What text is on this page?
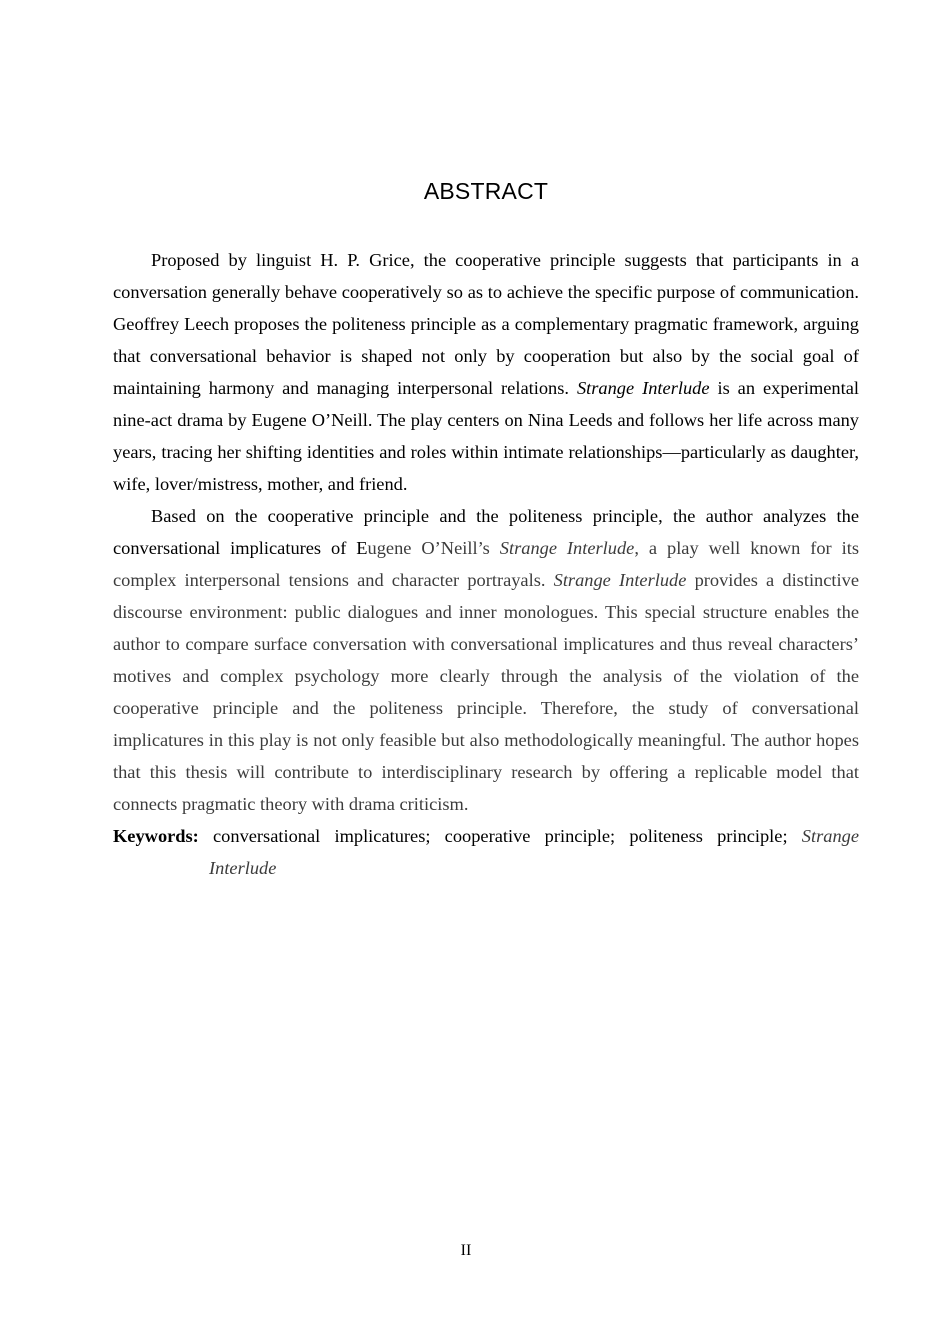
ABSTRACT

Proposed by linguist H. P. Grice, the cooperative principle suggests that participants in a conversation generally behave cooperatively so as to achieve the specific purpose of communication. Geoffrey Leech proposes the politeness principle as a complementary pragmatic framework, arguing that conversational behavior is shaped not only by cooperation but also by the social goal of maintaining harmony and managing interpersonal relations. Strange Interlude is an experimental nine-act drama by Eugene O’Neill. The play centers on Nina Leeds and follows her life across many years, tracing her shifting identities and roles within intimate relationships—particularly as daughter, wife, lover/mistress, mother, and friend.

Based on the cooperative principle and the politeness principle, the author analyzes the conversational implicatures of Eugene O’Neill’s Strange Interlude, a play well known for its complex interpersonal tensions and character portrayals. Strange Interlude provides a distinctive discourse environment: public dialogues and inner monologues. This special structure enables the author to compare surface conversation with conversational implicatures and thus reveal characters’ motives and complex psychology more clearly through the analysis of the violation of the cooperative principle and the politeness principle. Therefore, the study of conversational implicatures in this play is not only feasible but also methodologically meaningful. The author hopes that this thesis will contribute to interdisciplinary research by offering a replicable model that connects pragmatic theory with drama criticism.

Keywords: conversational implicatures; cooperative principle; politeness principle; Strange Interlude

II
